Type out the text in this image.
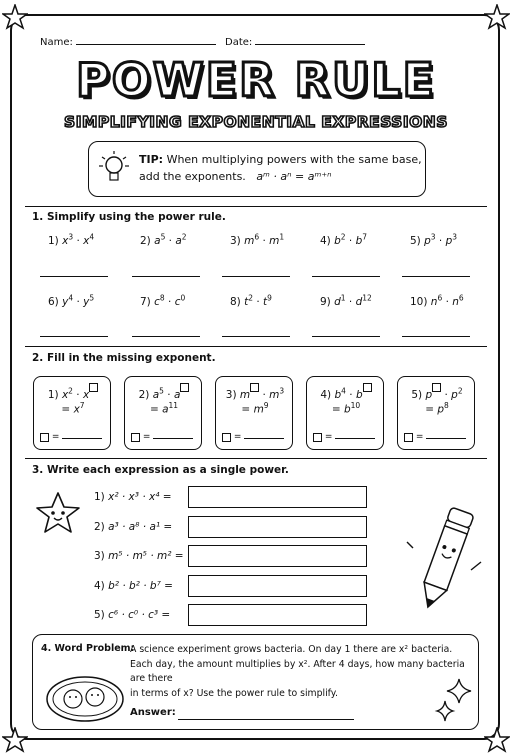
Name:	Date:
POWER RULE
SIMPLIFYING EXPONENTIAL EXPRESSIONS
TIP: When multiplying powers with the same base,
add the exponents. aᵐ · aⁿ = aᵐ⁺ⁿ
1. Simplify using the power rule.
1) $x^3 \cdot x^4$	2) $a^5 \cdot a^2$	3) $m^6 \cdot m^1$	4) $b^2 \cdot b^7$	5) $p^3 \cdot p^3$
6) $y^4 \cdot y^5$	7) $c^8 \cdot c^0$	8) $t^2 \cdot t^9$	9) $d^1 \cdot d^{12}$	10) $n^6 \cdot n^6$
2. Fill in the missing exponent.
1) $x^2 \cdot x$
= $x^7$
=
2) $a^5 \cdot a$
= $a^{11}$
=
3) $m \cdot m^3$
= $m^9$
=
4) $b^4 \cdot b$
= $b^{10}$
=
5) $p \cdot p^2$
= $p^8$
=
3. Write each expression as a single power.
1) x² · x³ · x⁴ =
2) a³ · a⁸ · a¹ =
3) m⁵ · m⁵ · m² =
4) b² · b² · b⁷ =
5) c⁶ · c⁰ · c³ =
4. Word Problem:
A science experiment grows bacteria. On day 1 there are x² bacteria.
Each day, the amount multiplies by x². After 4 days, how many bacteria are there
in terms of x? Use the power rule to simplify.
Answer:
